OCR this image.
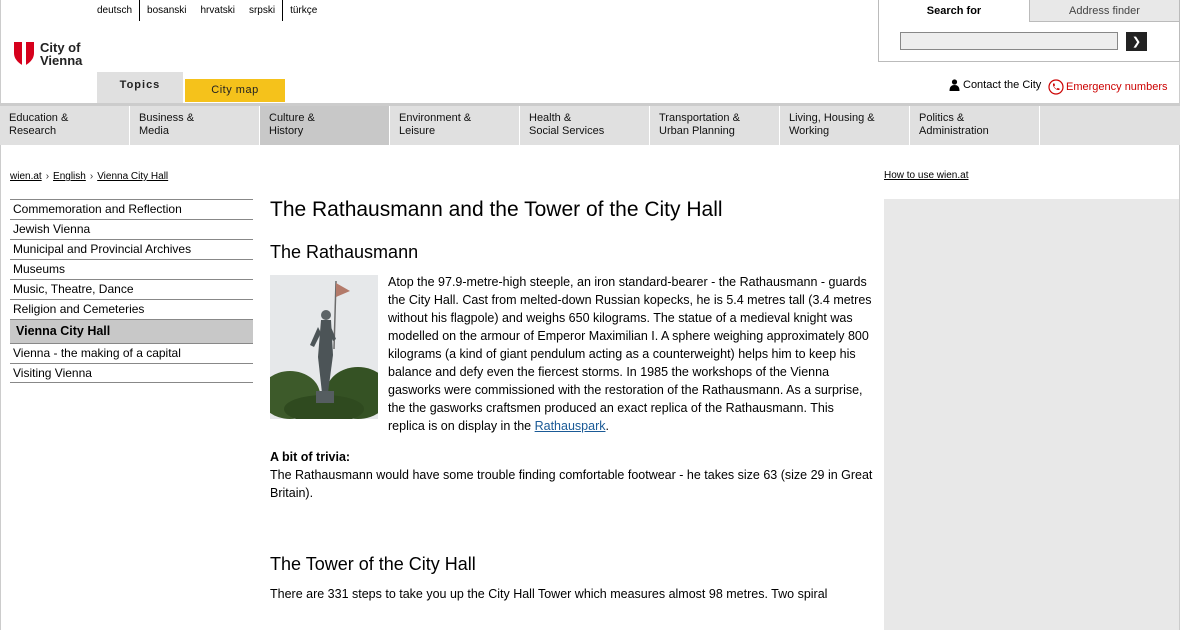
deutsch	bosanski	hrvatski	srpski	türkçe
City of
Vienna
Search for	Address finder
❯
Topics	City map	Contact the City Emergency numbers
Education &
Research
Business &
Media
Culture &
History
Environment &
Leisure
Health &
Social Services
Transportation &
Urban Planning
Living, Housing &
Working
Politics &
Administration
wien.at › English › Vienna City Hall	How to use wien.at
Commemoration and Reflection
Jewish Vienna
Municipal and Provincial Archives
Museums
Music, Theatre, Dance
Religion and Cemeteries
Vienna City Hall
Vienna - the making of a capital
Visiting Vienna
The Rathausmann and the Tower of the City Hall
The Rathausmann

Atop the 97.9-metre-high steeple, an iron standard-bearer - the Rathausmann - guards the City Hall. Cast from melted-down Russian kopecks, he is 5.4 metres tall (3.4 metres without his flagpole) and weighs 650 kilograms. The statue of a medieval knight was modelled on the armour of Emperor Maximilian I. A sphere weighing approximately 800 kilograms (a kind of giant pendulum acting as a counterweight) helps him to keep his balance and defy even the fiercest storms. In 1985 the workshops of the Vienna gasworks were commissioned with the restoration of the Rathausmann. As a surprise, the the gasworks craftsmen produced an exact replica of the Rathausmann. This replica is on display in the Rathauspark.

A bit of trivia:

The Rathausmann would have some trouble finding comfortable footwear - he takes size 63 (size 29 in Great Britain).

The Tower of the City Hall

There are 331 steps to take you up the City Hall Tower which measures almost 98 metres. Two spiral
